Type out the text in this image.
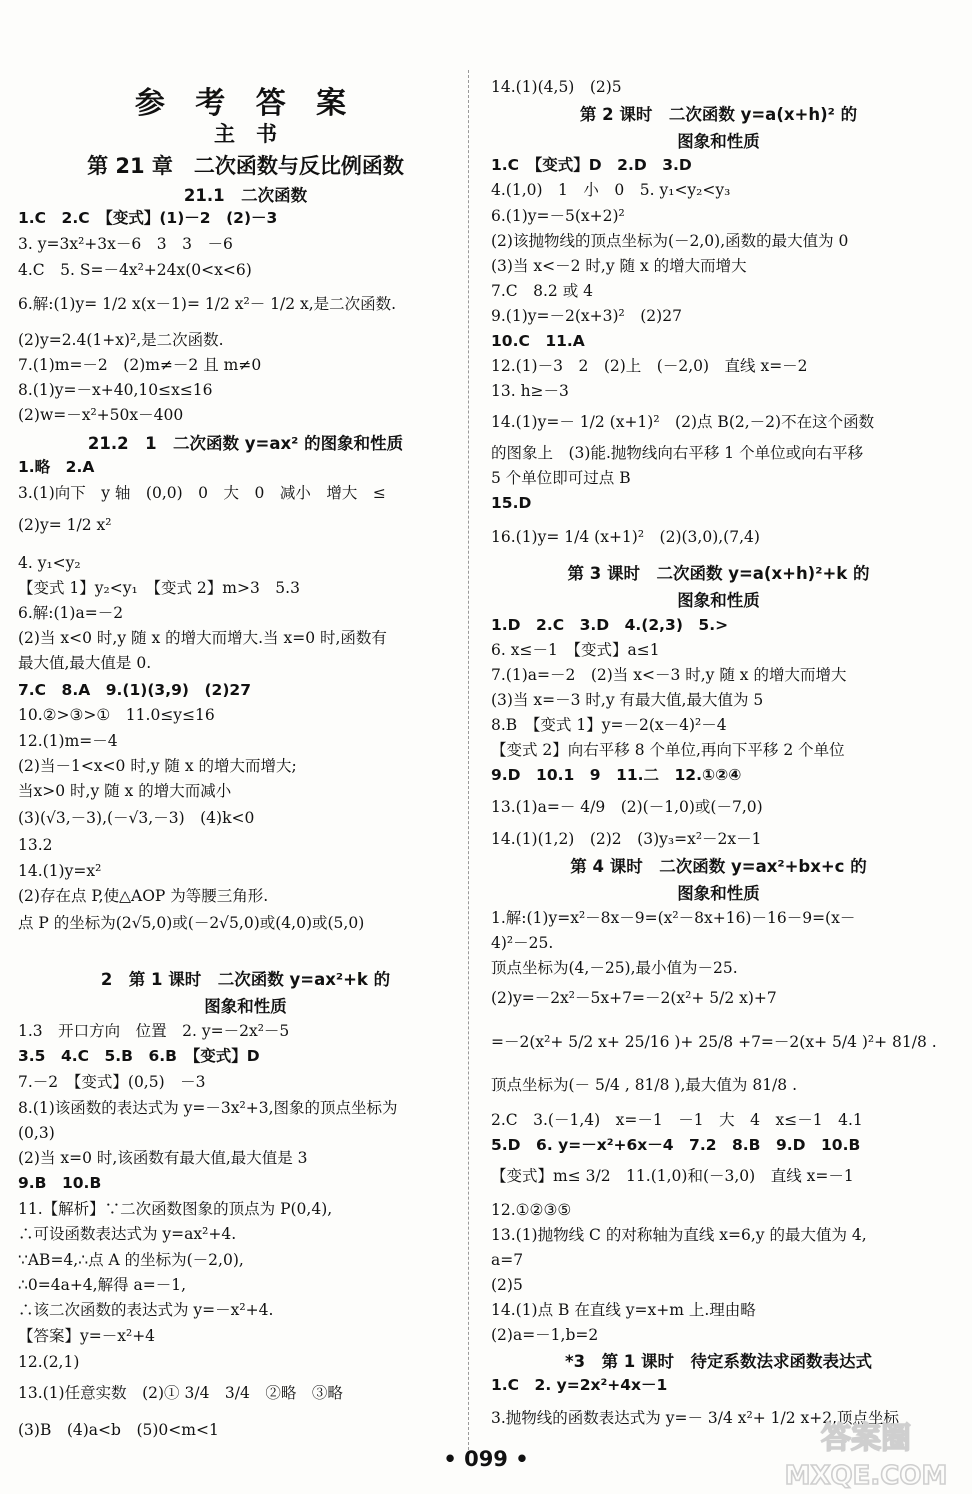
参 考 答 案
主　书
第 21 章　二次函数与反比例函数
21.1　二次函数
1.C　2.C　【变式】(1)－2　(2)－3
3. y=3x²+3x－6　3　3　－6
4.C　5. S=－4x²+24x(0<x<6)
6.解:(1)y= 1/2 x(x－1)= 1/2 x²－ 1/2 x,是二次函数.
(2)y=2.4(1+x)²,是二次函数.
7.(1)m=－2　(2)m≠－2 且 m≠0
8.(1)y=－x+40,10≤x≤16
(2)w=－x²+50x－400
21.2　1　二次函数 y=ax² 的图象和性质
1.略　2.A
3.(1)向下　y 轴　(0,0)　0　大　0　减小　增大　≤
(2)y= 1/2 x²
4. y₁<y₂
【变式 1】y₂<y₁　【变式 2】m>3　5.3
6.解:(1)a=－2
(2)当 x<0 时,y 随 x 的增大而增大.当 x=0 时,函数有
最大值,最大值是 0.
7.C　8.A　9.(1)(3,9)　(2)27
10.②>③>①　11.0≤y≤16
12.(1)m=－4
(2)当－1<x<0 时,y 随 x 的增大而增大;
当x>0 时,y 随 x 的增大而减小
(3)(√3,－3),(－√3,－3)　(4)k<0
13.2
14.(1)y=x²
(2)存在点 P,使△AOP 为等腰三角形.
点 P 的坐标为(2√5,0)或(－2√5,0)或(4,0)或(5,0)
2　第 1 课时　二次函数 y=ax²+k 的
图象和性质
1.3　开口方向　位置　2. y=－2x²－5
3.5　4.C　5.B　6.B　【变式】D
7.－2　【变式】(0,5)　－3
8.(1)该函数的表达式为 y=－3x²+3,图象的顶点坐标为
(0,3)
(2)当 x=0 时,该函数有最大值,最大值是 3
9.B　10.B
11.【解析】∵二次函数图象的顶点为 P(0,4),
∴可设函数表达式为 y=ax²+4.
∵AB=4,∴点 A 的坐标为(－2,0),
∴0=4a+4,解得 a=－1,
∴该二次函数的表达式为 y=－x²+4.
【答案】y=－x²+4
12.(2,1)
13.(1)任意实数　(2)① 3/4　3/4　②略　③略
(3)B　(4)a<b　(5)0<m<1
14.(1)(4,5)　(2)5
第 2 课时　二次函数 y=a(x+h)² 的
图象和性质
1.C　【变式】D　2.D　3.D
4.(1,0)　1　小　0　5. y₁<y₂<y₃
6.(1)y=－5(x+2)²
(2)该抛物线的顶点坐标为(－2,0),函数的最大值为 0
(3)当 x<－2 时,y 随 x 的增大而增大
7.C　8.2 或 4
9.(1)y=－2(x+3)²　(2)27
10.C　11.A
12.(1)－3　2　(2)上　(－2,0)　直线 x=－2
13. h≥－3
14.(1)y=－ 1/2 (x+1)²　(2)点 B(2,－2)不在这个函数
的图象上　(3)能.抛物线向右平移 1 个单位或向右平移
5 个单位即可过点 B
15.D
16.(1)y= 1/4 (x+1)²　(2)(3,0),(7,4)
第 3 课时　二次函数 y=a(x+h)²+k 的
图象和性质
1.D　2.C　3.D　4.(2,3)　5.>
6. x≤－1　【变式】a≤1
7.(1)a=－2　(2)当 x<－3 时,y 随 x 的增大而增大
(3)当 x=－3 时,y 有最大值,最大值为 5
8.B　【变式 1】y=－2(x－4)²－4
【变式 2】向右平移 8 个单位,再向下平移 2 个单位
9.D　10.1　9　11.二　12.①②④
13.(1)a=－ 4/9　(2)(－1,0)或(－7,0)
14.(1)(1,2)　(2)2　(3)y₃=x²－2x－1
第 4 课时　二次函数 y=ax²+bx+c 的
图象和性质
1.解:(1)y=x²－8x－9=(x²－8x+16)－16－9=(x－
4)²－25.
顶点坐标为(4,－25),最小值为－25.
(2)y=－2x²－5x+7=－2(x²+ 5/2 x)+7
=－2(x²+ 5/2 x+ 25/16 )+ 25/8 +7=－2(x+ 5/4 )²+ 81/8 .
顶点坐标为(－ 5/4 , 81/8 ),最大值为 81/8 .
2.C　3.(－1,4)　x=－1　－1　大　4　x≤－1　4.1
5.D　6. y=－x²+6x－4　7.2　8.B　9.D　10.B
【变式】m≤ 3/2　11.(1,0)和(－3,0)　直线 x=－1
12.①②③⑤
13.(1)抛物线 C 的对称轴为直线 x=6,y 的最大值为 4,
a=7
(2)5
14.(1)点 B 在直线 y=x+m 上.理由略
(2)a=－1,b=2
*3　第 1 课时　待定系数法求函数表达式
1.C　2. y=2x²+4x－1
3.抛物线的函数表达式为 y=－ 3/4 x²+ 1/2 x+2,顶点坐标
• 099 •
答案圈
MXQE.COM
